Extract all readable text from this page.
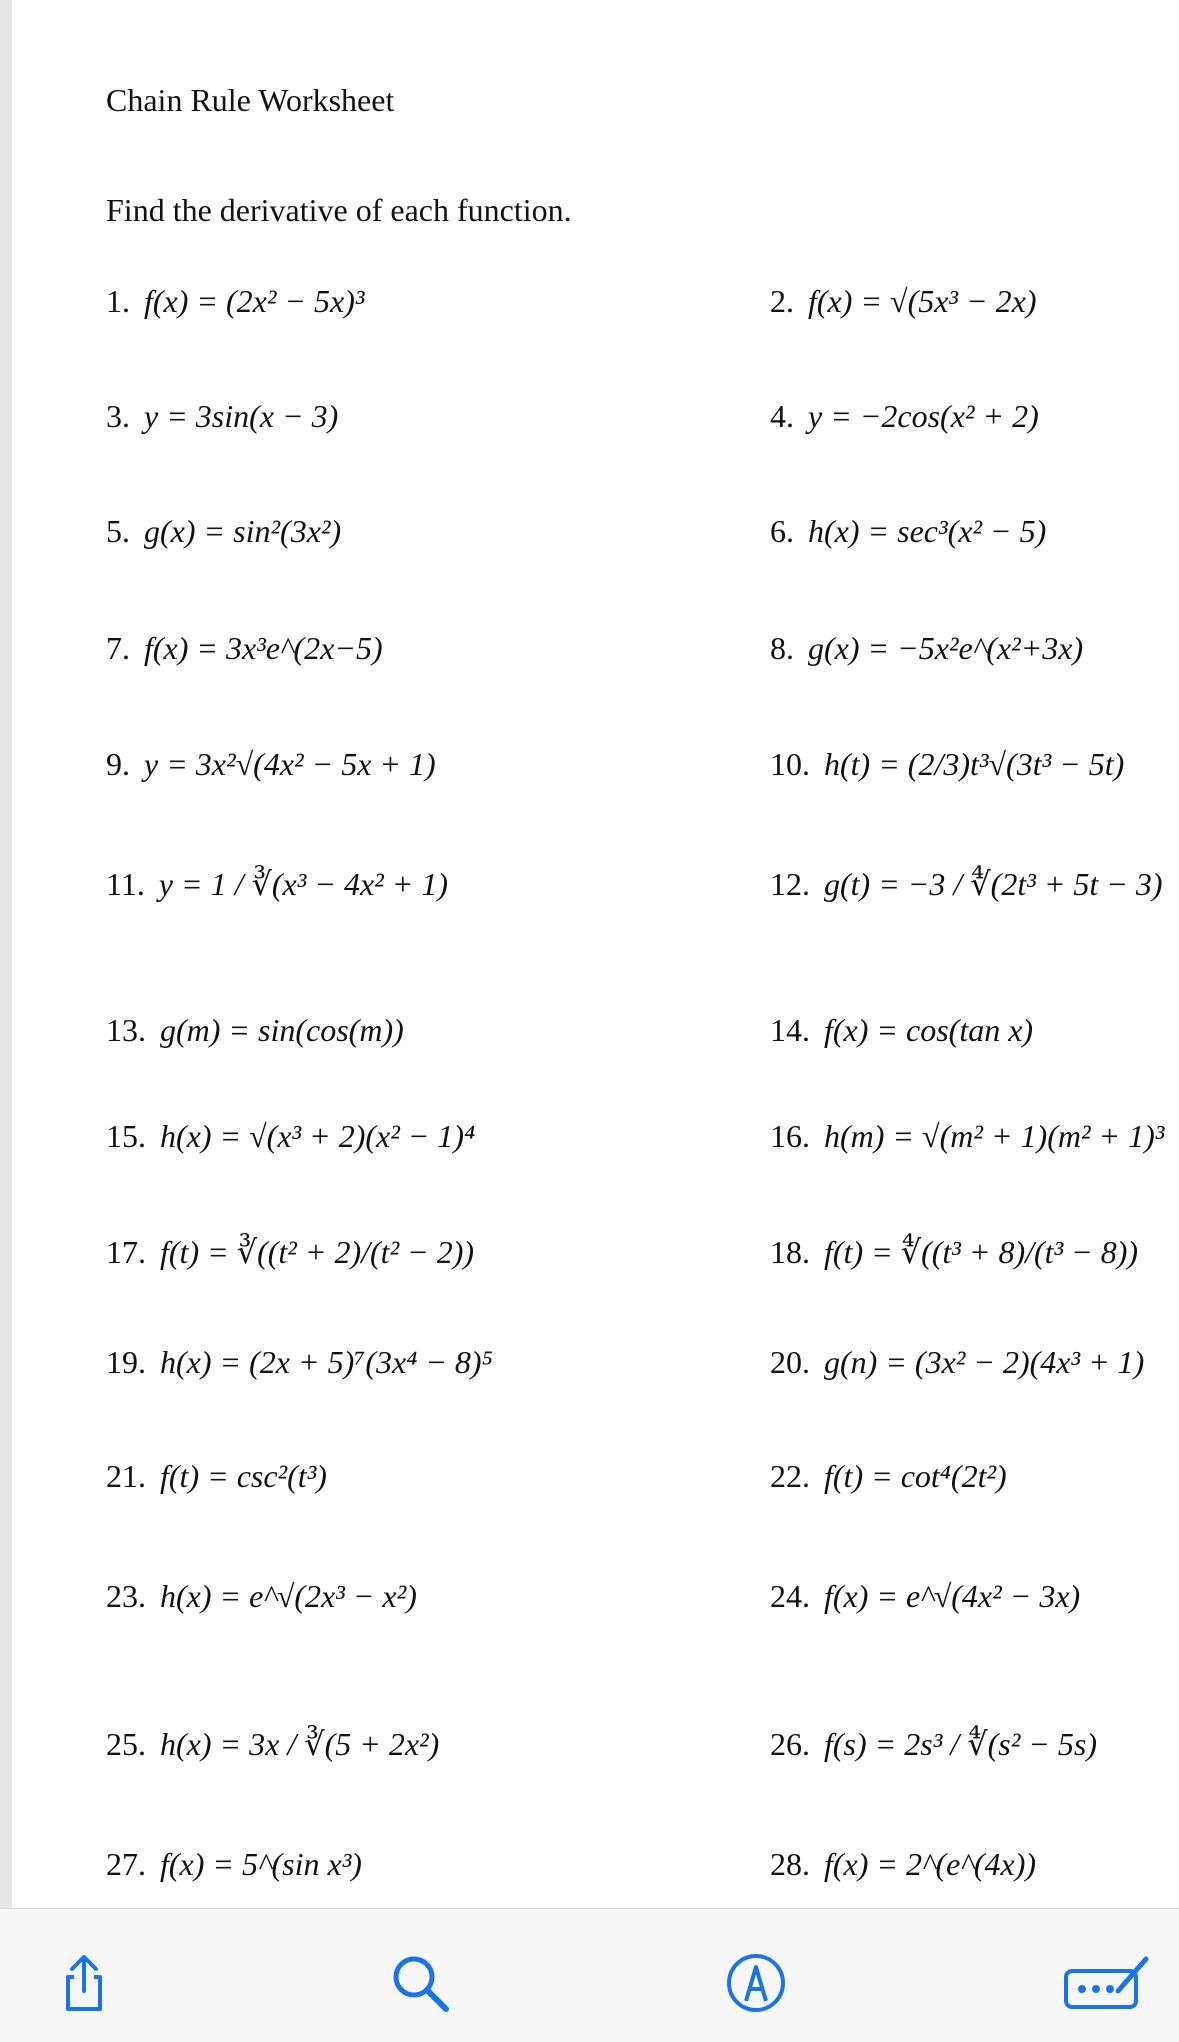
Chain Rule Worksheet
Find the derivative of each function.
1. f(x) = (2x² − 5x)³	2. f(x) = √(5x³ − 2x)
3. y = 3sin(x − 3)	4. y = −2cos(x² + 2)
5. g(x) = sin²(3x²)	6. h(x) = sec³(x² − 5)
7. f(x) = 3x³e^(2x−5)	8. g(x) = −5x²e^(x²+3x)
9. y = 3x²√(4x² − 5x + 1)	10. h(t) = (2/3)t³√(3t³ − 5t)
11. y = 1 / ∛(x³ − 4x² + 1)	12. g(t) = −3 / ∜(2t³ + 5t − 3)
13. g(m) = sin(cos(m))	14. f(x) = cos(tan x)
15. h(x) = √(x³ + 2)(x² − 1)⁴	16. h(m) = √(m² + 1)(m² + 1)³
17. f(t) = ∛((t² + 2)/(t² − 2))	18. f(t) = ∜((t³ + 8)/(t³ − 8))
19. h(x) = (2x + 5)⁷(3x⁴ − 8)⁵	20. g(n) = (3x² − 2)(4x³ + 1)
21. f(t) = csc²(t³)	22. f(t) = cot⁴(2t²)
23. h(x) = e^√(2x³ − x²)	24. f(x) = e^√(4x² − 3x)
25. h(x) = 3x / ∛(5 + 2x²)	26. f(s) = 2s³ / ∜(s² − 5s)
27. f(x) = 5^(sin x³)	28. f(x) = 2^(e^(4x))
